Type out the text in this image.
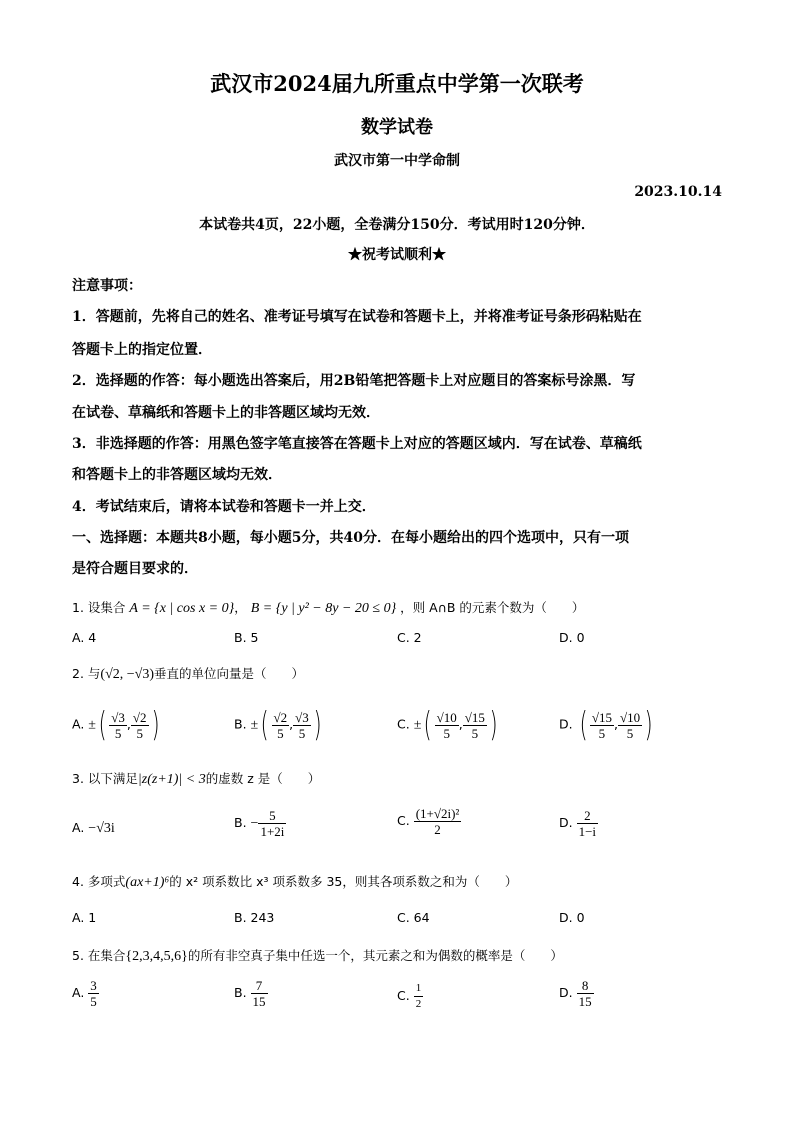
武汉市2024届九所重点中学第一次联考
数学试卷
武汉市第一中学命制
2023.10.14
本试卷共4页，22小题，全卷满分150分．考试用时120分钟．
★祝考试顺利★
注意事项：
1．答题前，先将自己的姓名、准考证号填写在试卷和答题卡上，并将准考证号条形码粘贴在
答题卡上的指定位置．
2．选择题的作答：每小题选出答案后，用2B铅笔把答题卡上对应题目的答案标号涂黑．写
在试卷、草稿纸和答题卡上的非答题区域均无效．
3．非选择题的作答：用黑色签字笔直接答在答题卡上对应的答题区域内．写在试卷、草稿纸
和答题卡上的非答题区域均无效．
4．考试结束后，请将本试卷和答题卡一并上交．
一、选择题：本题共8小题，每小题5分，共40分．在每小题给出的四个选项中，只有一项
是符合题目要求的．
1. 设集合 A = {x | cos x = 0}， B = {y | y² − 8y − 20 ≤ 0} ，则 A∩B 的元素个数为（　　）
A. 4	B. 5	C. 2	D. 0
2. 与(√2, −√3)垂直的单位向量是（　　）
A. ±( $\frac{√3}{5}$ , $\frac{√2}{5}$ )	B. ±( $\frac{√2}{5}$ , $\frac{√3}{5}$ )	C. ±( $\frac{√10}{5}$ , $\frac{√15}{5}$ )	D. ( $\frac{√15}{5}$ , $\frac{√10}{5}$ )
3. 以下满足|z(z+1)| < 3的虚数 z 是（　　）
A. −√3i	B. − $\frac{5}{1+2i}$	C. $\frac{\text{(1+√2i)²}}{2}$	D. $\frac{2}{1-i}$
4. 多项式(ax+1)⁶的 x² 项系数比 x³ 项系数多 35，则其各项系数之和为（　　）
A. 1	B. 243	C. 64	D. 0
5. 在集合{2,3,4,5,6}的所有非空真子集中任选一个，其元素之和为偶数的概率是（　　）
A. $\frac{3}{5}$	B. $\frac{7}{15}$	C. $\frac{1}{2}$	D. $\frac{8}{15}$
